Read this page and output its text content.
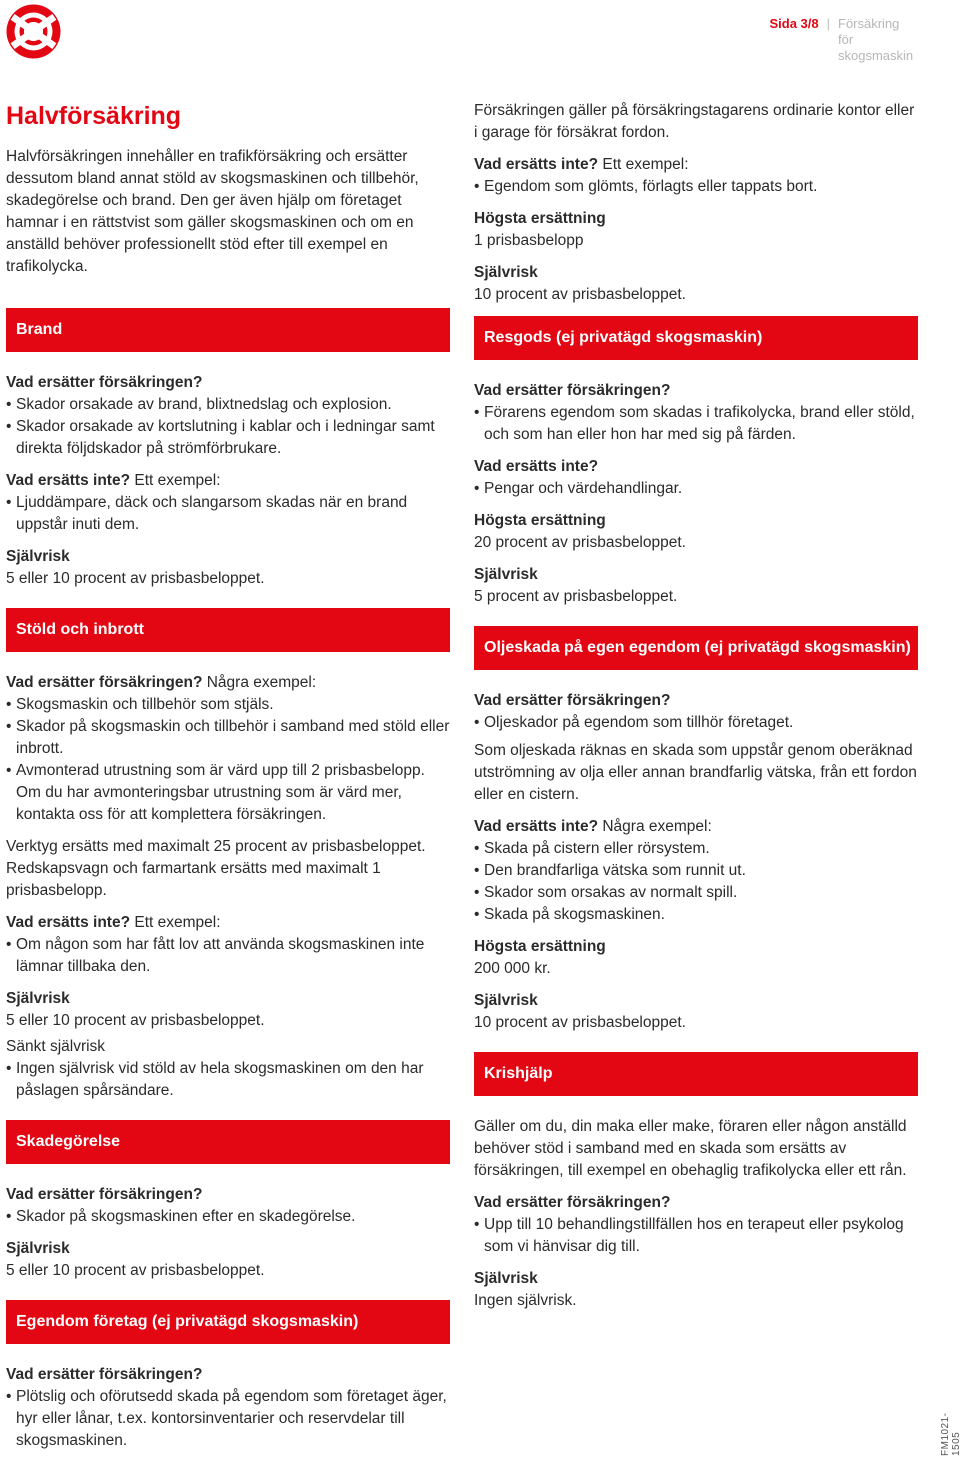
Sida 3/8 | Försäkring för skogsmaskin
Halvförsäkring

Halvförsäkringen innehåller en trafikförsäkring och ersätter dessutom bland annat stöld av skogsmaskinen och tillbehör, skadegörelse och brand. Den ger även hjälp om företaget hamnar i en rättstvist som gäller skogsmaskinen och om en anställd behöver professionellt stöd efter till exempel en trafikolycka.

Brand
Vad ersätter försäkringen?
• Skador orsakade av brand, blixtnedslag och explosion.
• Skador orsakade av kortslutning i kablar och i ledningar samt direkta följdskador på strömförbrukare.
Vad ersätts inte? Ett exempel:
• Ljuddämpare, däck och slangarsom skadas när en brand uppstår inuti dem.
Självrisk
5 eller 10 procent av prisbasbeloppet.
Stöld och inbrott
Vad ersätter försäkringen? Några exempel:
• Skogsmaskin och tillbehör som stjäls.
• Skador på skogsmaskin och tillbehör i samband med stöld eller inbrott.
• Avmonterad utrustning som är värd upp till 2 prisbasbelopp. Om du har avmonteringsbar utrustning som är värd mer, kontakta oss för att komplettera försäkringen.

Verktyg ersätts med maximalt 25 procent av prisbasbeloppet. Redskapsvagn och farmartank ersätts med maximalt 1 prisbasbelopp.

Vad ersätts inte? Ett exempel:
• Om någon som har fått lov att använda skogsmaskinen inte lämnar tillbaka den.
Självrisk
5 eller 10 procent av prisbasbeloppet.
Sänkt självrisk
• Ingen självrisk vid stöld av hela skogsmaskinen om den har påslagen spårsändare.
Skadegörelse
Vad ersätter försäkringen?
• Skador på skogsmaskinen efter en skadegörelse.
Självrisk
5 eller 10 procent av prisbasbeloppet.
Egendom företag (ej privatägd skogsmaskin)
Vad ersätter försäkringen?
• Plötslig och oförutsedd skada på egendom som företaget äger, hyr eller lånar, t.ex. kontorsinventarier och reservdelar till skogsmaskinen.

Försäkringen gäller på försäkringstagarens ordinarie kontor eller i garage för försäkrat fordon.

Vad ersätts inte? Ett exempel:
• Egendom som glömts, förlagts eller tappats bort.
Högsta ersättning
1 prisbasbelopp
Självrisk
10 procent av prisbasbeloppet.
Resgods (ej privatägd skogsmaskin)
Vad ersätter försäkringen?
• Förarens egendom som skadas i trafikolycka, brand eller stöld, och som han eller hon har med sig på färden.
Vad ersätts inte?
• Pengar och värdehandlingar.
Högsta ersättning
20 procent av prisbasbeloppet.
Självrisk
5 procent av prisbasbeloppet.
Oljeskada på egen egendom (ej privatägd skogsmaskin)
Vad ersätter försäkringen?
• Oljeskador på egendom som tillhör företaget.

Som oljeskada räknas en skada som uppstår genom oberäknad utströmning av olja eller annan brandfarlig vätska, från ett fordon eller en cistern.

Vad ersätts inte? Några exempel:
• Skada på cistern eller rörsystem.
• Den brandfarliga vätska som runnit ut.
• Skador som orsakas av normalt spill.
• Skada på skogsmaskinen.
Högsta ersättning
200 000 kr.
Självrisk
10 procent av prisbasbeloppet.
Krishjälp

Gäller om du, din maka eller make, föraren eller någon anställd behöver stöd i samband med en skada som ersätts av försäkringen, till exempel en obehaglig trafikolycka eller ett rån.

Vad ersätter försäkringen?
• Upp till 10 behandlingstillfällen hos en terapeut eller psykolog som vi hänvisar dig till.
Självrisk
Ingen självrisk.
FM1021-1505
